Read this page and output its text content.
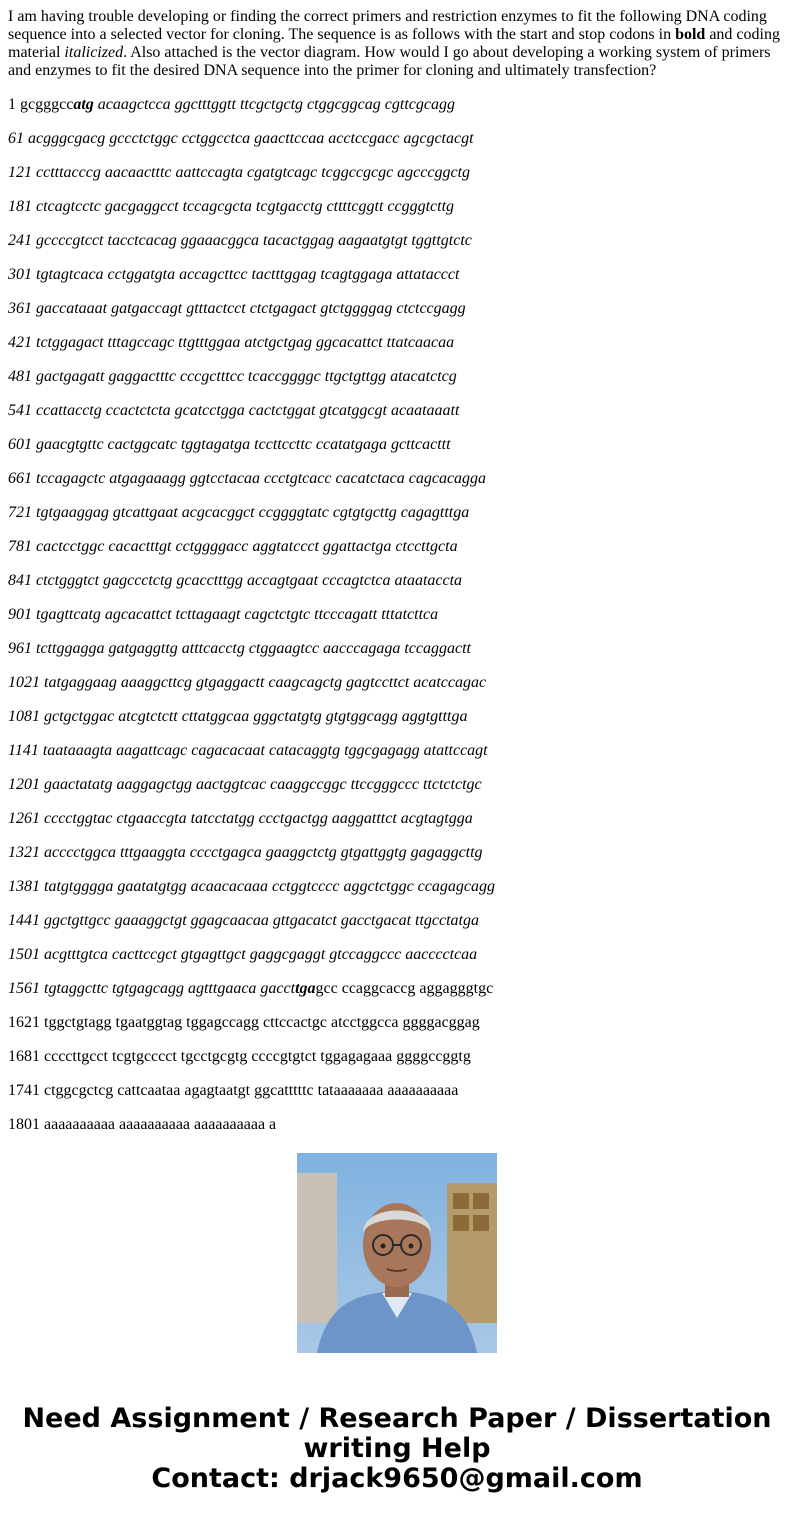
I am having trouble developing or finding the correct primers and restriction enzymes to fit the following DNA coding sequence into a selected vector for cloning. The sequence is as follows with the start and stop codons in bold and coding material italicized. Also attached is the vector diagram. How would I go about developing a working system of primers and enzymes to fit the desired DNA sequence into the primer for cloning and ultimately transfection?
1 gcgggccatg acaagctcca ggctttggtt ttcgctgctg ctggcggcag cgttcgcagg
61 acgggcgacg gccctctggc cctggcctca gaacttccaa acctccgacc agcgctacgt
121 cctttacccg aacaactttc aattccagta cgatgtcagc tcggccgcgc agcccggctg
181 ctcagtcctc gacgaggcct tccagcgcta tcgtgacctg cttttcggtt ccgggtcttg
241 gccccgtcct tacctcacag ggaaacggca tacactggag aagaatgtgt tggttgtctc
301 tgtagtcaca cctggatgta accagcttcc tactttggag tcagtggaga attataccct
361 gaccataaat gatgaccagt gtttactcct ctctgagact gtctggggag ctctccgagg
421 tctggagact tttagccagc ttgtttggaa atctgctgag ggcacattct ttatcaacaa
481 gactgagatt gaggactttc cccgctttcc tcaccggggc ttgctgttgg atacatctcg
541 ccattacctg ccactctcta gcatcctgga cactctggat gtcatggcgt acaataaatt
601 gaacgtgttc cactggcatc tggtagatga tccttccttc ccatatgaga gcttcacttt
661 tccagagctc atgagaaagg ggtcctacaa ccctgtcacc cacatctaca cagcacagga
721 tgtgaaggag gtcattgaat acgcacggct ccggggtatc cgtgtgcttg cagagtttga
781 cactcctggc cacactttgt cctggggacc aggtatccct ggattactga ctccttgcta
841 ctctgggtct gagccctctg gcacctttgg accagtgaat cccagtctca ataataccta
901 tgagttcatg agcacattct tcttagaagt cagctctgtc ttcccagatt tttatcttca
961 tcttggagga gatgaggttg atttcacctg ctggaagtcc aacccagaga tccaggactt
1021 tatgaggaag aaaggcttcg gtgaggactt caagcagctg gagtccttct acatccagac
1081 gctgctggac atcgtctctt cttatggcaa gggctatgtg gtgtggcagg aggtgtttga
1141 taataaagta aagattcagc cagacacaat catacaggtg tggcgagagg atattccagt
1201 gaactatatg aaggagctgg aactggtcac caaggccggc ttccgggccc ttctctctgc
1261 cccctggtac ctgaaccgta tatcctatgg ccctgactgg aaggatttct acgtagtgga
1321 acccctggca tttgaaggta cccctgagca gaaggctctg gtgattggtg gagaggcttg
1381 tatgtgggga gaatatgtgg acaacacaaa cctggtcccc aggctctggc ccagagcagg
1441 ggctgttgcc gaaaggctgt ggagcaacaa gttgacatct gacctgacat ttgcctatga
1501 acgtttgtca cacttccgct gtgagttgct gaggcgaggt gtccaggccc aacccctcaa
1561 tgtaggcttc tgtgagcagg agtttgaaca gaccttgagcc ccaggcaccg aggagggtgc
1621 tggctgtagg tgaatggtag tggagccagg cttccactgc atcctggcca ggggacggag
1681 ccccttgcct tcgtgcccct tgcctgcgtg ccccgtgtct tggagagaaa ggggccggtg
1741 ctggcgctcg cattcaataa agagtaatgt ggcatttttc tataaaaaaa aaaaaaaaaa
1801 aaaaaaaaaa aaaaaaaaaa aaaaaaaaaa a
Need Assignment / Research Paper / Dissertation
writing Help
Contact: drjack9650@gmail.com
